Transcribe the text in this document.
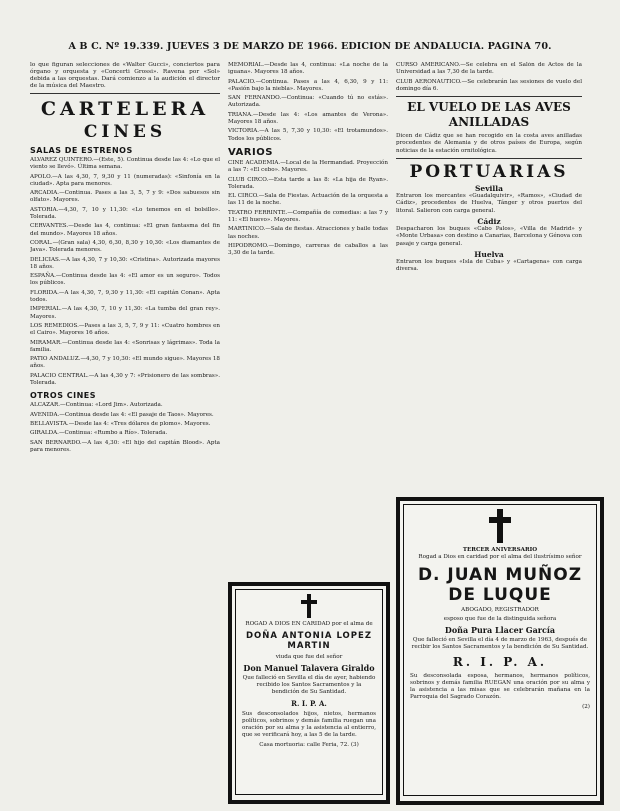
A B C. Nº 19.339. JUEVES 3 DE MARZO DE 1966. EDICION DE ANDALUCIA. PAGINA 70.
lo que figuran selecciones de «Walter Gucci», conciertos para órgano y orquesta y «Concerti Grossi». Ravena por «Sol» debida a las orquestas. Dará comienzo a la audición el director de la música del Maestro.
CARTELERA
CINES
SALAS DE ESTRENOS
ALVAREZ QUINTERO.—(Este, 5). Continua desde las 4: «Lo que el viento se llevó». Última semana.
APOLO.—A las 4,30, 7, 9,30 y 11 (numeradas): «Sinfonía en la ciudad». Apta para menores.
ARCADIA.—Continua. Pases a las 3, 5, 7 y 9: «Dos sabuesos sin olfato». Mayores.
ASTORIA.—4,30, 7, 10 y 11,30: «Lo tenemos en el bolsillo». Tolerada.
CERVANTES.—Desde las 4, continua: «El gran fantasma del fin del mundo». Mayores 18 años.
CORAL.—(Gran sala) 4,30, 6,30, 8,30 y 10,30: «Los diamantes de Java». Tolerada menores.
DELICIAS.—A las 4,30, 7 y 10,30: «Cristina». Autorizada mayores 18 años.
ESPAÑA.—Continua desde las 4: «El amor es un seguro». Todos los públicos.
FLORIDA.—A las 4,30, 7, 9,30 y 11,30: «El capitán Conan». Apta todos.
IMPERIAL.—A las 4,30, 7, 10 y 11,30: «La tumba del gran rey». Mayores.
LOS REMEDIOS.—Pases a las 3, 5, 7, 9 y 11: «Cuatro hombres en el Cairo». Mayores 16 años.
MIRAMAR.—Continua desde las 4: «Sonrisas y lágrimas». Toda la familia.
PATIO ANDALUZ.—4,30, 7 y 10,30: «El mundo sigue». Mayores 18 años.
PALACIO CENTRAL.—A las 4,30 y 7: «Prisionero de las sombras». Tolerada.
OTROS CINES
ALCAZAR.—Continua: «Lord Jim». Autorizada.
AVENIDA.—Continua desde las 4: «El pasaje de Taos». Mayores.
BELLAVISTA.—Desde las 4: «Tres dólares de plomo». Mayores.
GIRALDA.—Continua: «Rumbo a Río». Tolerada.
SAN BERNARDO.—A las 4,30: «El hijo del capitán Blood». Apta para menores.
MEMORIAL.—Desde las 4, continua: «La noche de la iguana». Mayores 18 años.
PALACIO.—Continua. Pases a las 4, 6,30, 9 y 11: «Pasión bajo la niebla». Mayores.
SAN FERNANDO.—Continua: «Cuando tú no estás». Autorizada.
TRIANA.—Desde las 4: «Los amantes de Verona». Mayores 18 años.
VICTORIA.—A las 5, 7,30 y 10,30: «El trotamundos». Todos los públicos.
VARIOS
CINE ACADEMIA.—Local de la Hermandad. Proyección a las 7: «El cebo». Mayores.
CLUB CIRCO.—Esta tarde a las 8: «La hija de Ryan». Tolerada.
EL CIRCO.—Sala de Fiestas. Actuación de la orquesta a las 11 de la noche.
TEATRO FERRINTE.—Compañía de comedias: a las 7 y 11: «El huevo». Mayores.
MARTINICO.—Sala de fiestas. Atracciones y baile todas las noches.
HIPODROMO.—Domingo, carreras de caballos a las 3,30 de la tarde.
CURSO AMERICANO.—Se celebra en el Salón de Actos de la Universidad a las 7,30 de la tarde.
CLUB AERONAUTICO.—Se celebrarán las sesiones de vuelo del domingo día 6.
EL VUELO DE LAS AVES ANILLADAS
Dicen de Cádiz que se han recogido en la costa aves anilladas procedentes de Alemania y de otros países de Europa, según noticias de la estación ornitológica.
PORTUARIAS
Sevilla
Entraron los mercantes «Guadalquivir», «Ramos», «Ciudad de Cádiz», procedentes de Huelva, Tánger y otros puertos del litoral. Salieron con carga general.
Cádiz
Despacharon los buques «Cabo Palos», «Villa de Madrid» y «Monte Urbasa» con destino a Canarias, Barcelona y Génova con pasaje y carga general.
Huelva
Entraron los buques «Isla de Cuba» y «Cartagena» con carga diversa.
ROGAD A DIOS EN CARIDAD por el alma de
DOÑA ANTONIA LOPEZ MARTIN
viuda que fue del señor
Don Manuel Talavera Giraldo
Que falleció en Sevilla el día de ayer, habiendo recibido los Santos Sacramentos y la bendición de Su Santidad.
R. I. P. A.
Sus desconsolados hijos, nietos, hermanos políticos, sobrinos y demás familia ruegan una oración por su alma y la asistencia al entierro, que se verificará hoy, a las 5 de la tarde.
Casa mortuoria: calle Feria, 72. (3)
TERCER ANIVERSARIO
Rogad a Dios en caridad por el alma del ilustrísimo señor
D. JUAN MUÑOZ
DE LUQUE
ABOGADO, REGISTRADOR
esposo que fue de la distinguida señora
Doña Pura Llacer García
Que falleció en Sevilla el día 4 de marzo de 1963, después de recibir los Santos Sacramentos y la bendición de Su Santidad.
R. I. P. A.
Su desconsolada esposa, hermanos, hermanos políticos, sobrinos y demás familia RUEGAN una oración por su alma y la asistencia a las misas que se celebrarán mañana en la Parroquia del Sagrado Corazón.
(2)
